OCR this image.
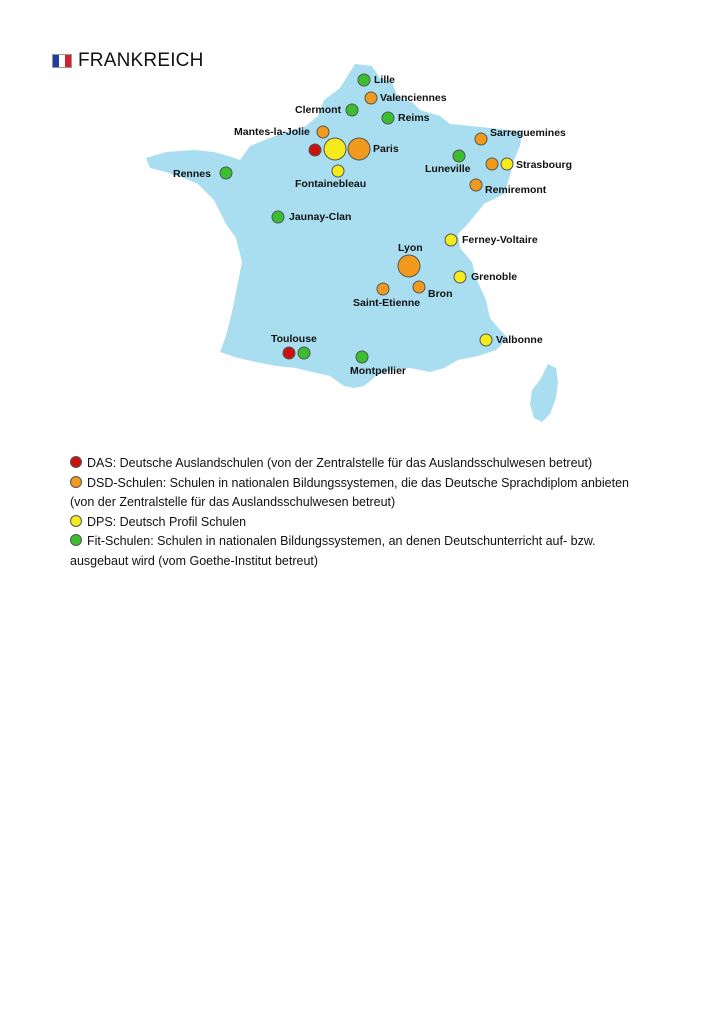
FRANKREICH
Lille
Valenciennes
Clermont
Reims
Mantes-la-Jolie	Sarreguemines
Paris
Fontainebleau
Luneville	Strasbourg
Remiremont
Rennes
Jaunay-Clan
Ferney-Voltaire
Lyon
Grenoble
Saint-Etienne
Bron
Toulouse	Valbonne
Montpellier
DAS: Deutsche Auslandschulen (von der Zentralstelle für das Auslandsschulwesen betreut)
DSD-Schulen: Schulen in nationalen Bildungssystemen, die das Deutsche Sprachdiplom anbieten
(von der Zentralstelle für das Auslandsschulwesen betreut)
DPS: Deutsch Profil Schulen
Fit-Schulen: Schulen in nationalen Bildungssystemen, an denen Deutschunterricht auf- bzw.
ausgebaut wird (vom Goethe-Institut betreut)
